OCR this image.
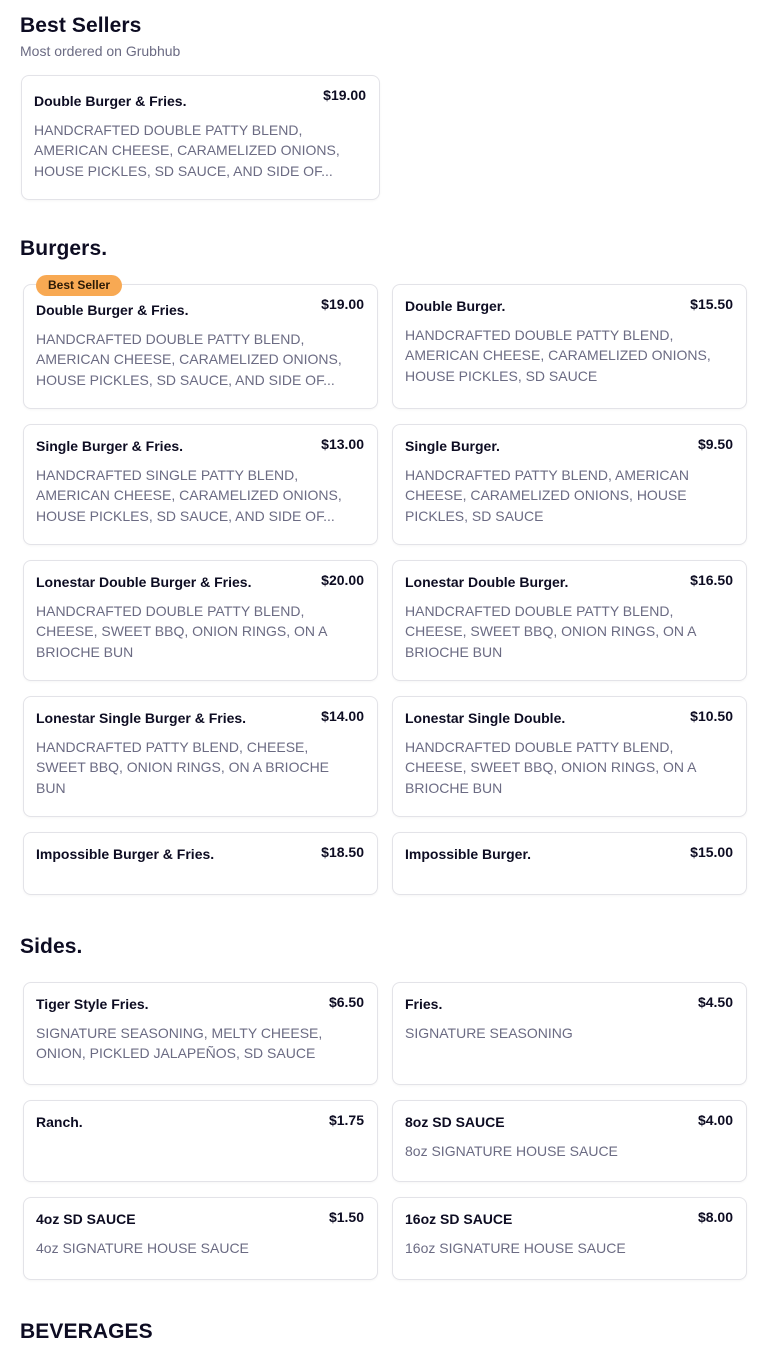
Best Sellers
Most ordered on Grubhub
Double Burger & Fries.	$19.00
HANDCRAFTED DOUBLE PATTY BLEND, AMERICAN CHEESE, CARAMELIZED ONIONS, HOUSE PICKLES, SD SAUCE, AND SIDE OF...
Burgers.
Best Seller
Double Burger & Fries.	$19.00
HANDCRAFTED DOUBLE PATTY BLEND, AMERICAN CHEESE, CARAMELIZED ONIONS, HOUSE PICKLES, SD SAUCE, AND SIDE OF...
Double Burger.	$15.50
HANDCRAFTED DOUBLE PATTY BLEND, AMERICAN CHEESE, CARAMELIZED ONIONS, HOUSE PICKLES, SD SAUCE
Single Burger & Fries.	$13.00
HANDCRAFTED SINGLE PATTY BLEND, AMERICAN CHEESE, CARAMELIZED ONIONS, HOUSE PICKLES, SD SAUCE, AND SIDE OF...
Single Burger.	$9.50
HANDCRAFTED PATTY BLEND, AMERICAN CHEESE, CARAMELIZED ONIONS, HOUSE PICKLES, SD SAUCE
Lonestar Double Burger & Fries.	$20.00
HANDCRAFTED DOUBLE PATTY BLEND, CHEESE, SWEET BBQ, ONION RINGS, ON A BRIOCHE BUN
Lonestar Double Burger.	$16.50
HANDCRAFTED DOUBLE PATTY BLEND, CHEESE, SWEET BBQ, ONION RINGS, ON A BRIOCHE BUN
Lonestar Single Burger & Fries.	$14.00
HANDCRAFTED PATTY BLEND, CHEESE, SWEET BBQ, ONION RINGS, ON A BRIOCHE BUN
Lonestar Single Double.	$10.50
HANDCRAFTED DOUBLE PATTY BLEND, CHEESE, SWEET BBQ, ONION RINGS, ON A BRIOCHE BUN
Impossible Burger & Fries.	$18.50	Impossible Burger.	$15.00
Sides.
Tiger Style Fries.	$6.50
SIGNATURE SEASONING, MELTY CHEESE, ONION, PICKLED JALAPEÑOS, SD SAUCE
Fries.	$4.50
SIGNATURE SEASONING
Ranch.	$1.75	8oz SD SAUCE	$4.00
8oz SIGNATURE HOUSE SAUCE
4oz SD SAUCE	$1.50
4oz SIGNATURE HOUSE SAUCE
16oz SD SAUCE	$8.00
16oz SIGNATURE HOUSE SAUCE
BEVERAGES
